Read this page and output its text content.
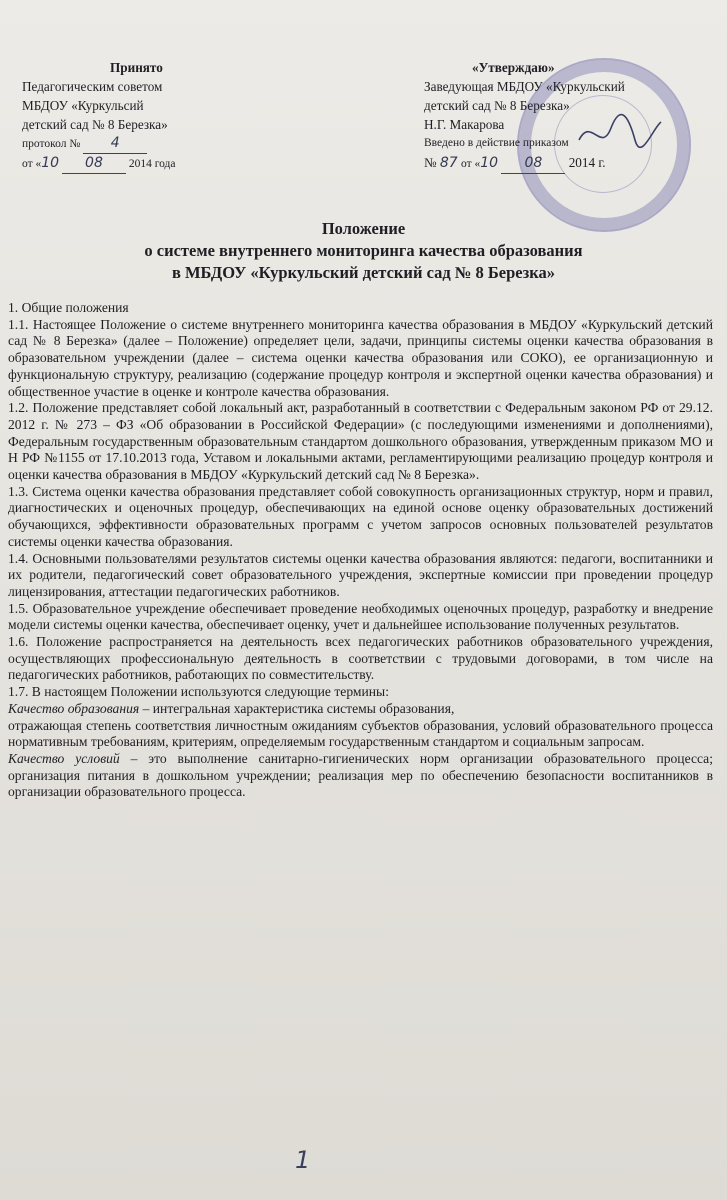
Принято
Педагогическим советом
МБДОУ «Куркульсий
детский сад № 8 Березка»
протокол № 4
от «10 08 2014 года
«Утверждаю»
Заведующая МБДОУ «Куркульский
детский сад № 8 Березка»
Н.Г. Макарова
Введено в действие приказом
№ 87 от «10 08 2014 г.
Положение
о системе внутреннего мониторинга качества образования
в МБДОУ «Куркульский детский сад № 8 Березка»

1. Общие положения

1.1. Настоящее Положение о системе внутреннего мониторинга качества образования в МБДОУ «Куркульский детский сад № 8 Березка» (далее – Положение) определяет цели, задачи, принципы системы оценки качества образования в образовательном учреждении (далее – система оценки качества образования или СОКО), ее организационную и функциональную структуру, реализацию (содержание процедур контроля и экспертной оценки качества образования) и общественное участие в оценке и контроле качества образования.

1.2. Положение представляет собой локальный акт, разработанный в соответствии с Федеральным законом РФ от 29.12. 2012 г. № 273 – ФЗ «Об образовании в Российской Федерации» (с последующими изменениями и дополнениями), Федеральным государственным образовательным стандартом дошкольного образования, утвержденным приказом МО и Н РФ №1155 от 17.10.2013 года, Уставом и локальными актами, регламентирующими реализацию процедур контроля и оценки качества образования в МБДОУ «Куркульский детский сад № 8 Березка».

1.3. Система оценки качества образования представляет собой совокупность организационных структур, норм и правил, диагностических и оценочных процедур, обеспечивающих на единой основе оценку образовательных достижений обучающихся, эффективности образовательных программ с учетом запросов основных пользователей результатов системы оценки качества образования.

1.4. Основными пользователями результатов системы оценки качества образования являются: педагоги, воспитанники и их родители, педагогический совет образовательного учреждения, экспертные комиссии при проведении процедур лицензирования, аттестации педагогических работников.

1.5. Образовательное учреждение обеспечивает проведение необходимых оценочных процедур, разработку и внедрение модели системы оценки качества, обеспечивает оценку, учет и дальнейшее использование полученных результатов.

1.6. Положение распространяется на деятельность всех педагогических работников образовательного учреждения, осуществляющих профессиональную деятельность в соответствии с трудовыми договорами, в том числе на педагогических работников, работающих по совместительству.

1.7. В настоящем Положении используются следующие термины:

Качество образования – интегральная характеристика системы образования,

отражающая степень соответствия личностным ожиданиям субъектов образования, условий образовательного процесса нормативным требованиям, критериям, определяемым государственным стандартом и социальным запросам.

Качество условий – это выполнение санитарно-гигиенических норм организации образовательного процесса; организация питания в дошкольном учреждении; реализация мер по обеспечению безопасности воспитанников в организации образовательного процесса.

1
